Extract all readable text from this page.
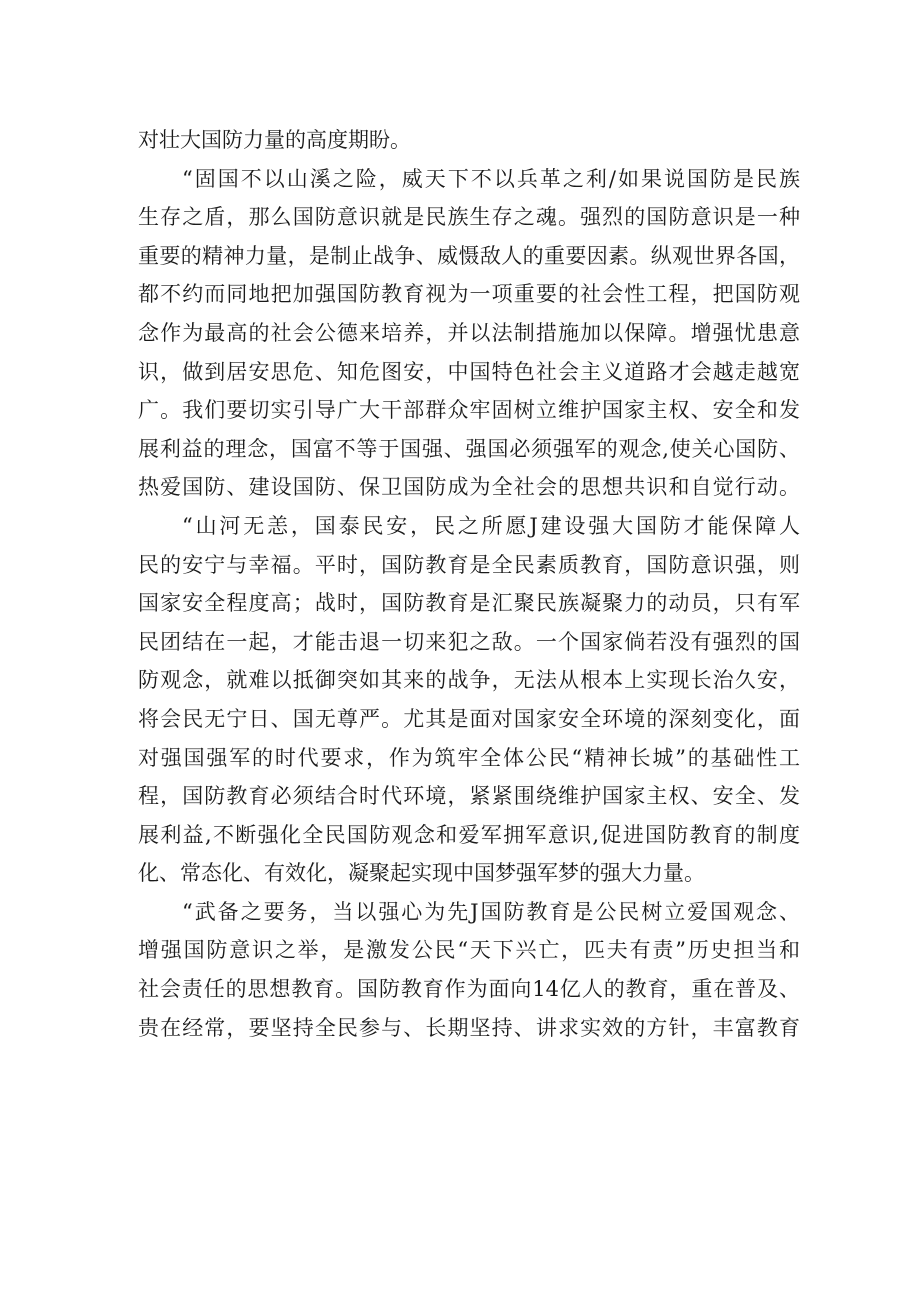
对壮大国防力量的高度期盼。
“固国不以山溪之险，威天下不以兵革之利/如果说国防是民族
生存之盾，那么国防意识就是民族生存之魂。强烈的国防意识是一种
重要的精神力量，是制止战争、威慑敌人的重要因素。纵观世界各国，
都不约而同地把加强国防教育视为一项重要的社会性工程，把国防观
念作为最高的社会公德来培养，并以法制措施加以保障。增强忧患意
识，做到居安思危、知危图安，中国特色社会主义道路才会越走越宽
广。我们要切实引导广大干部群众牢固树立维护国家主权、安全和发
展利益的理念，国富不等于国强、强国必须强军的观念,使关心国防、
热爱国防、建设国防、保卫国防成为全社会的思想共识和自觉行动。
“山河无恙，国泰民安，民之所愿J建设强大国防才能保障人
民的安宁与幸福。平时，国防教育是全民素质教育，国防意识强，则
国家安全程度高；战时，国防教育是汇聚民族凝聚力的动员，只有军
民团结在一起，才能击退一切来犯之敌。一个国家倘若没有强烈的国
防观念，就难以抵御突如其来的战争，无法从根本上实现长治久安，
将会民无宁日、国无尊严。尤其是面对国家安全环境的深刻变化，面
对强国强军的时代要求，作为筑牢全体公民“精神长城”的基础性工
程，国防教育必须结合时代环境，紧紧围绕维护国家主权、安全、发
展利益,不断强化全民国防观念和爱军拥军意识,促进国防教育的制度
化、常态化、有效化，凝聚起实现中国梦强军梦的强大力量。
“武备之要务，当以强心为先J国防教育是公民树立爱国观念、
增强国防意识之举，是激发公民“天下兴亡，匹夫有责”历史担当和
社会责任的思想教育。国防教育作为面向14亿人的教育，重在普及、
贵在经常，要坚持全民参与、长期坚持、讲求实效的方针，丰富教育
